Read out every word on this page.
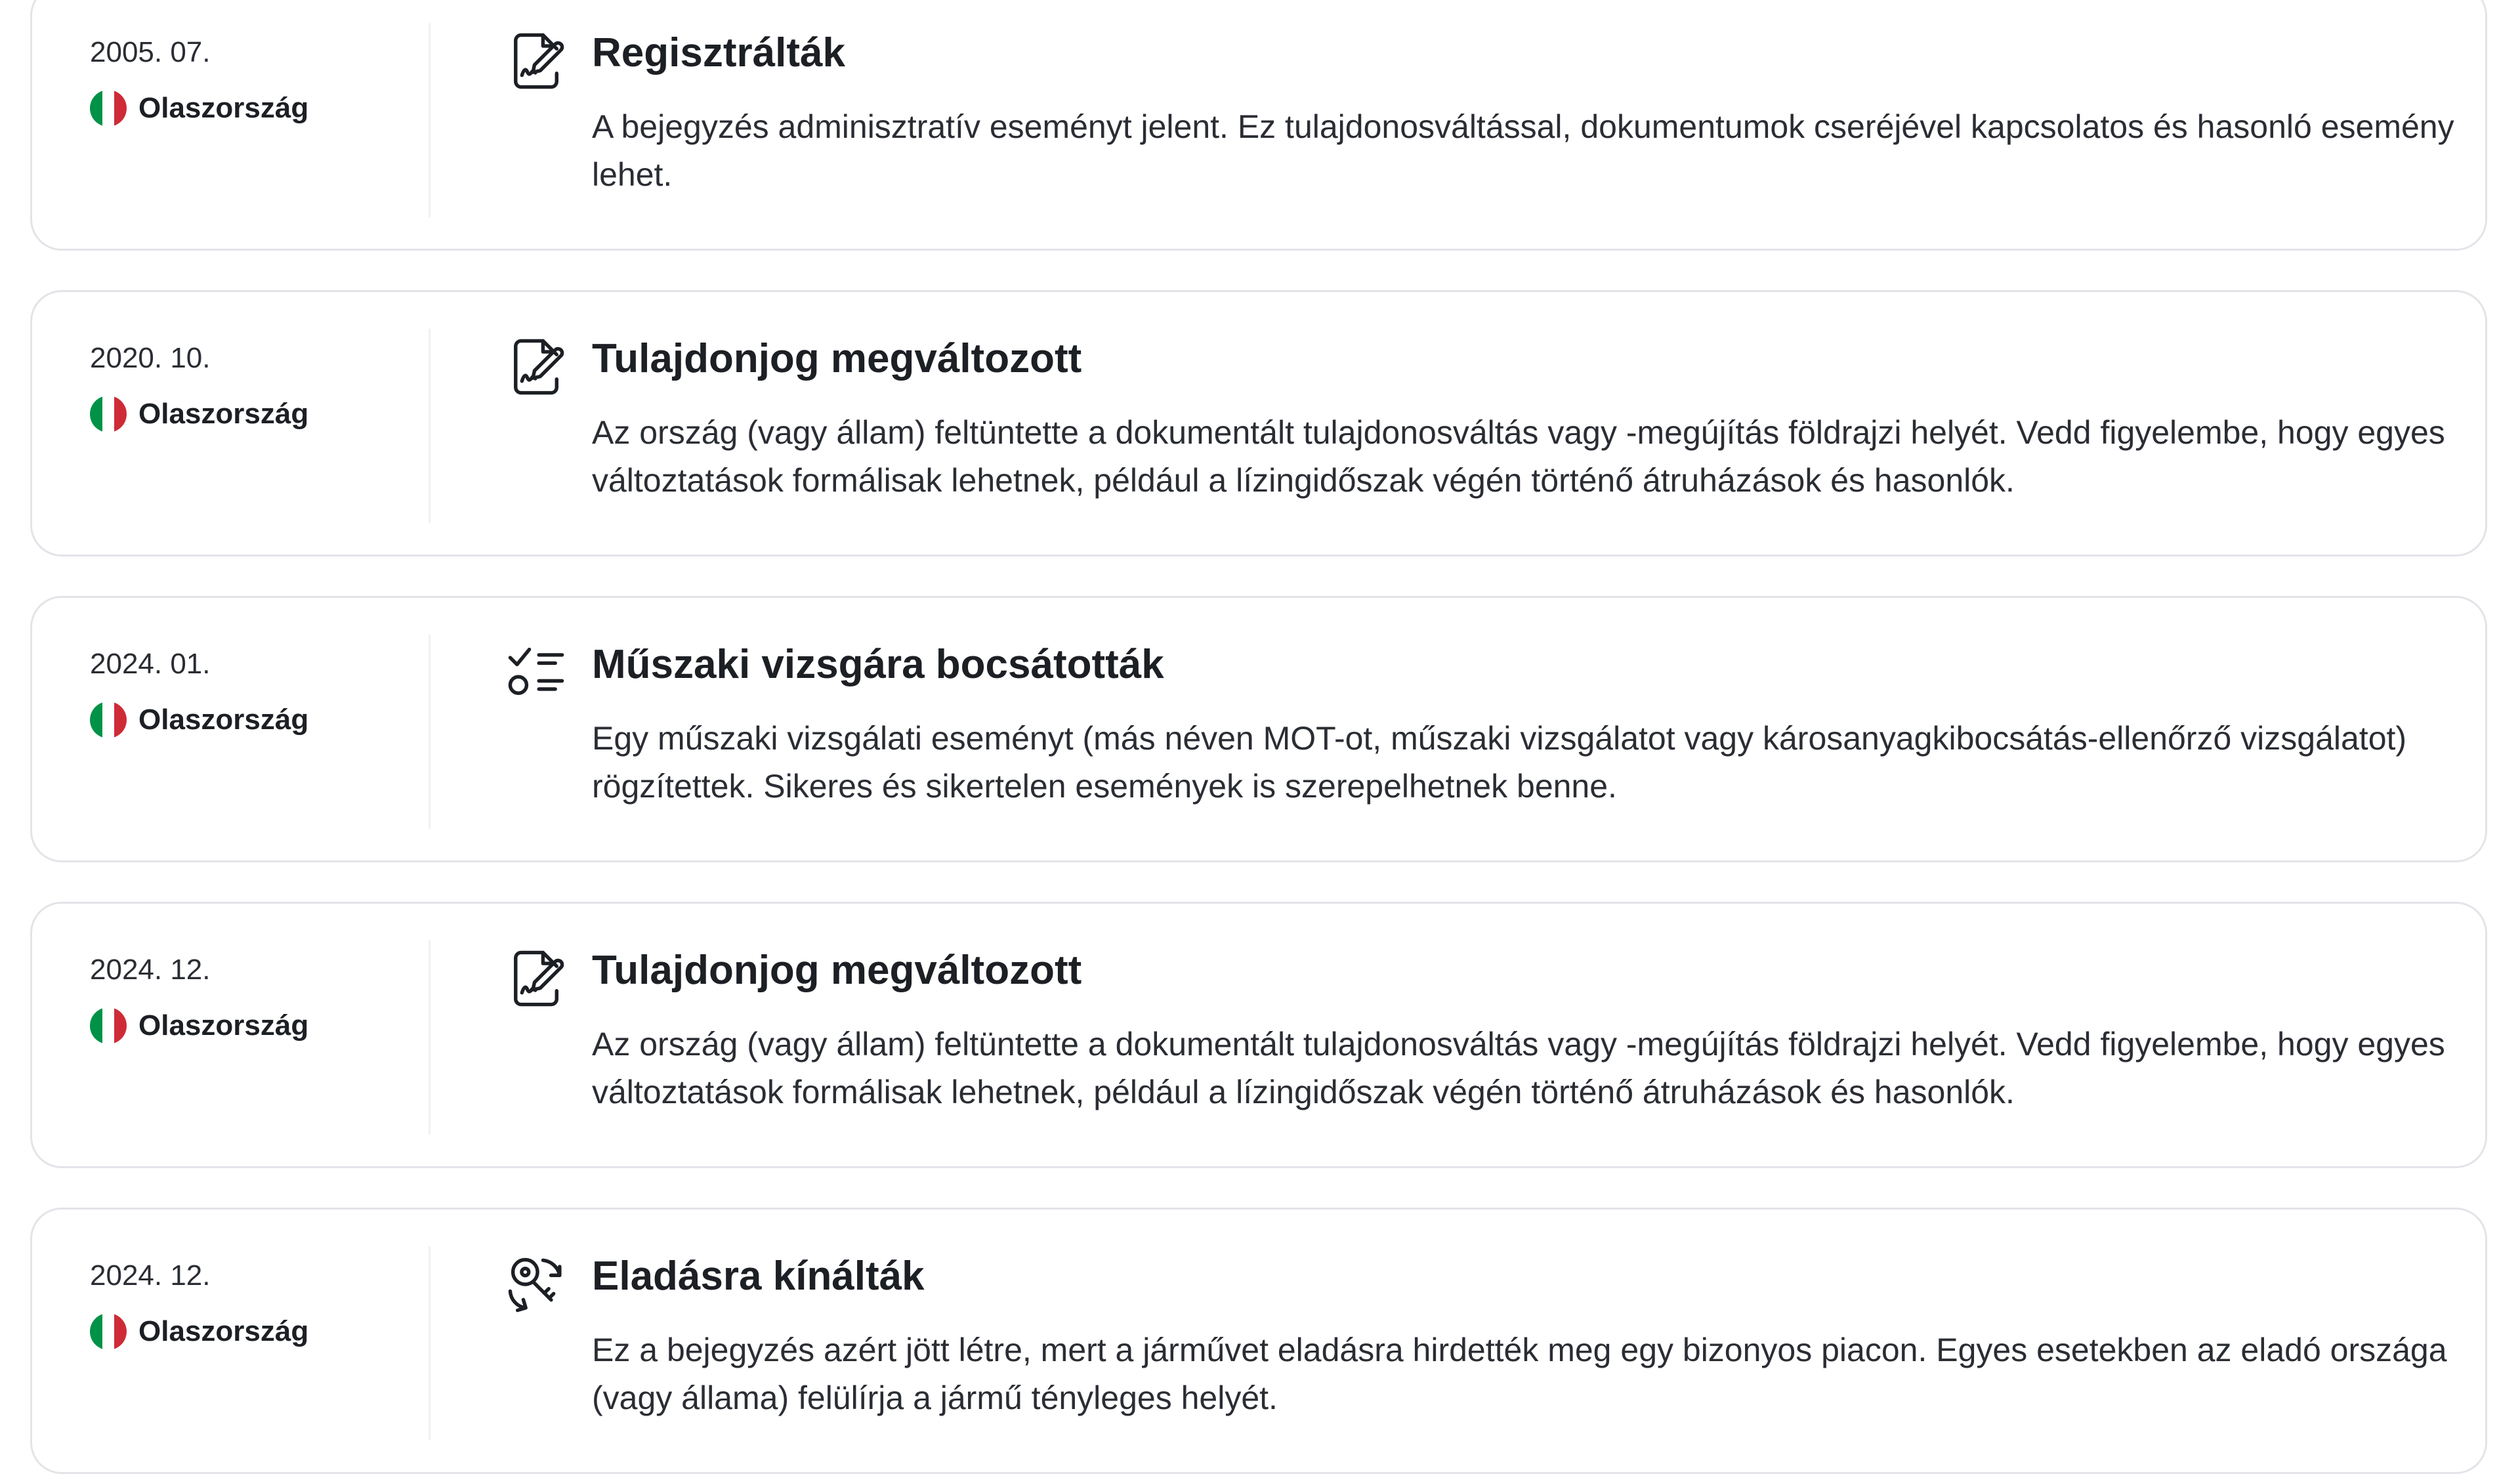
2005. 07.
Olaszország
Regisztrálták
A bejegyzés adminisztratív eseményt jelent. Ez tulajdonosváltással, dokumentumok cseréjével kapcsolatos és hasonló esemény lehet.
2020. 10.
Olaszország
Tulajdonjog megváltozott
Az ország (vagy állam) feltüntette a dokumentált tulajdonosváltás vagy -megújítás földrajzi helyét. Vedd figyelembe, hogy egyes változtatások formálisak lehetnek, például a lízingidőszak végén történő átruházások és hasonlók.
2024. 01.
Olaszország
Műszaki vizsgára bocsátották
Egy műszaki vizsgálati eseményt (más néven MOT-ot, műszaki vizsgálatot vagy károsanyagkibocsátás-ellenőrző vizsgálatot) rögzítettek. Sikeres és sikertelen események is szerepelhetnek benne.
2024. 12.
Olaszország
Tulajdonjog megváltozott
Az ország (vagy állam) feltüntette a dokumentált tulajdonosváltás vagy -megújítás földrajzi helyét. Vedd figyelembe, hogy egyes változtatások formálisak lehetnek, például a lízingidőszak végén történő átruházások és hasonlók.
2024. 12.
Olaszország
Eladásra kínálták
Ez a bejegyzés azért jött létre, mert a járművet eladásra hirdették meg egy bizonyos piacon. Egyes esetekben az eladó országa (vagy állama) felülírja a jármű tényleges helyét.
